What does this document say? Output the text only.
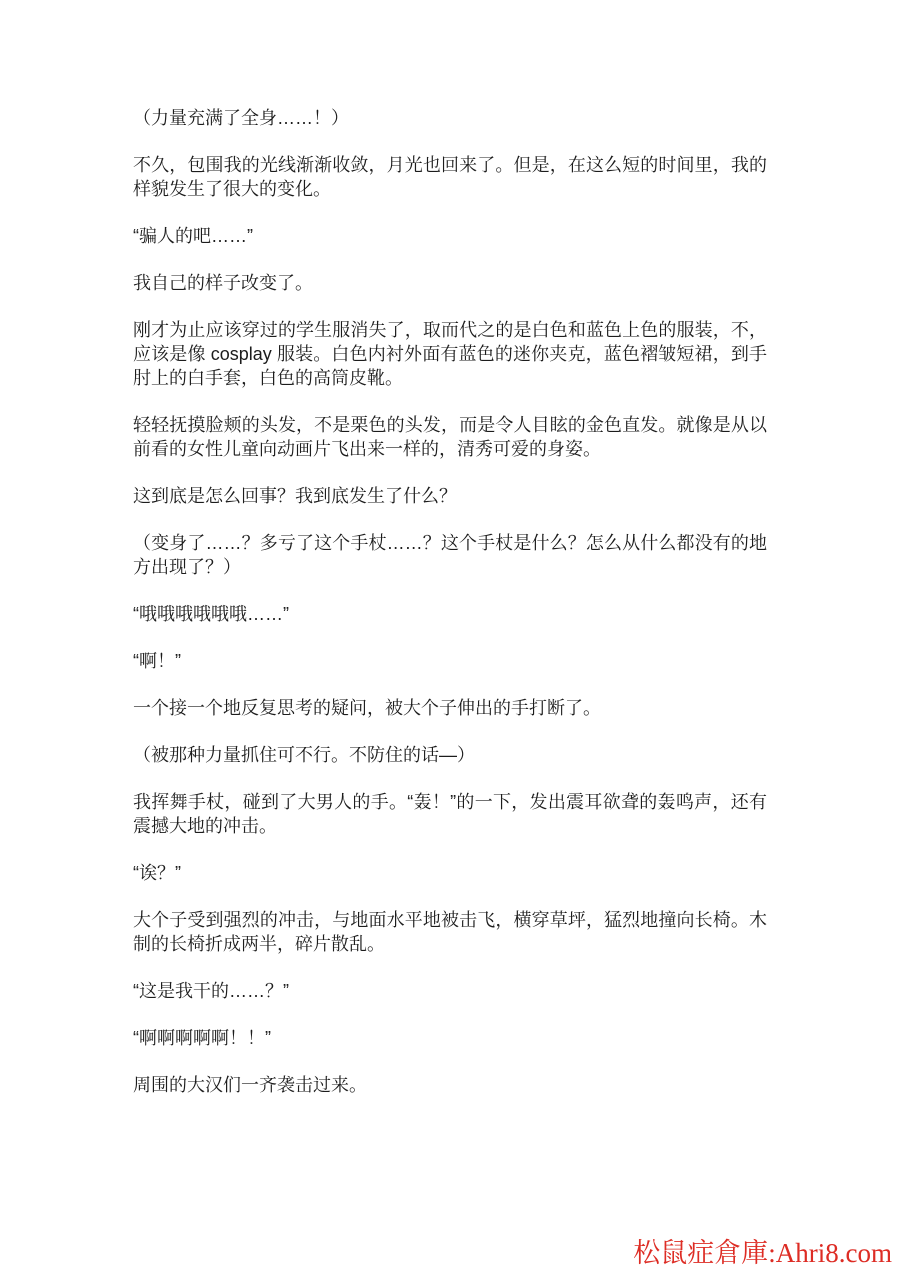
（力量充满了全身……！）

不久，包围我的光线渐渐收敛，月光也回来了。但是，在这么短的时间里，我的样貌发生了很大的变化。

“骗人的吧……”

我自己的样子改变了。

刚才为止应该穿过的学生服消失了，取而代之的是白色和蓝色上色的服装，不，应该是像 cosplay 服装。白色内衬外面有蓝色的迷你夹克，蓝色褶皱短裙，到手肘上的白手套，白色的高筒皮靴。

轻轻抚摸脸颊的头发，不是栗色的头发，而是令人目眩的金色直发。就像是从以前看的女性儿童向动画片飞出来一样的，清秀可爱的身姿。

这到底是怎么回事？我到底发生了什么？

（变身了……？多亏了这个手杖……？这个手杖是什么？怎么从什么都没有的地方出现了？）

“哦哦哦哦哦哦……”

“啊！”

一个接一个地反复思考的疑问，被大个子伸出的手打断了。

（被那种力量抓住可不行。不防住的话—）

我挥舞手杖，碰到了大男人的手。“轰！”的一下，发出震耳欲聋的轰鸣声，还有震撼大地的冲击。

“诶？”

大个子受到强烈的冲击，与地面水平地被击飞，横穿草坪，猛烈地撞向长椅。木制的长椅折成两半，碎片散乱。

“这是我干的……？”

“啊啊啊啊啊！！”

周围的大汉们一齐袭击过来。

松鼠症倉庫:Ahri8.com
